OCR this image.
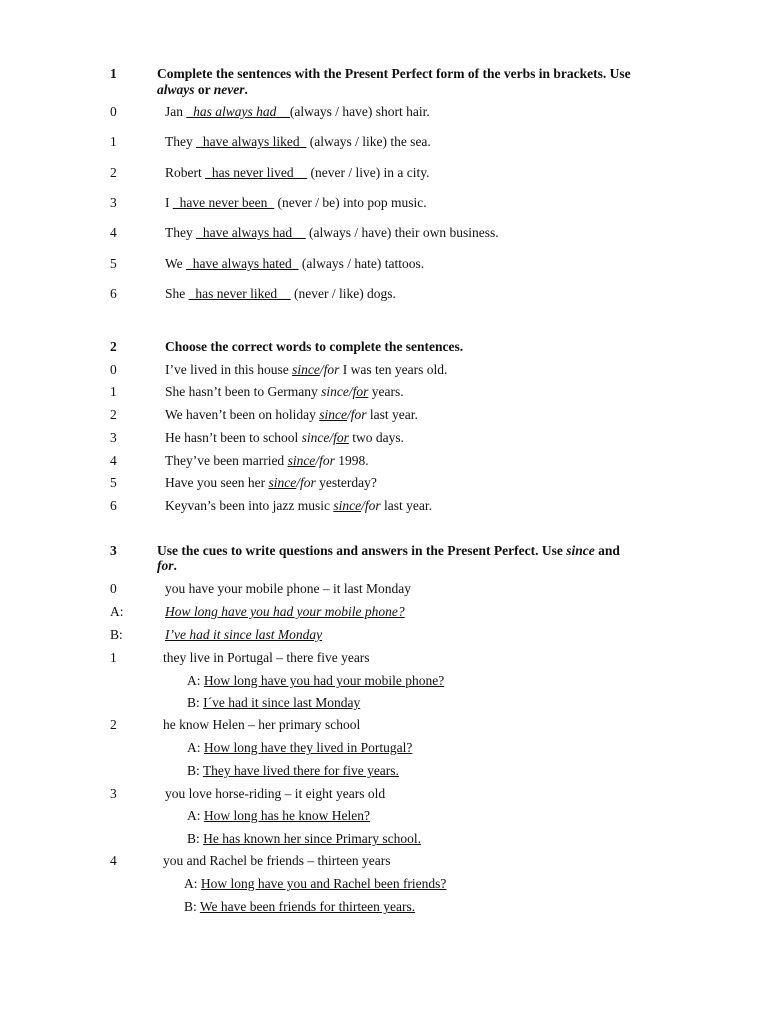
1	Complete the sentences with the Present Perfect form of the verbs in brackets. Use
always or never.
0	Jan _has always had__(always / have) short hair.
1	They _have always liked_ (always / like) the sea.
2	Robert _has never lived__ (never / live) in a city.
3	I _have never been_ (never / be) into pop music.
4	They _have always had__ (always / have) their own business.
5	We _have always hated_ (always / hate) tattoos.
6	She _has never liked__ (never / like) dogs.
2	Choose the correct words to complete the sentences.
0	I’ve lived in this house since/for I was ten years old.
1	She hasn’t been to Germany since/for years.
2	We haven’t been on holiday since/for last year.
3	He hasn’t been to school since/for two days.
4	They’ve been married since/for 1998.
5	Have you seen her since/for yesterday?
6	Keyvan’s been into jazz music since/for last year.
3	Use the cues to write questions and answers in the Present Perfect. Use since and
for.
0	you have your mobile phone – it last Monday
A:	How long have you had your mobile phone?
B:	I’ve had it since last Monday
1	they live in Portugal – there five years
A: How long have you had your mobile phone?
B: I´ve had it since last Monday
2	he know Helen – her primary school
A: How long have they lived in Portugal?
B: They have lived there for five years.
3	you love horse-riding – it eight years old
A: How long has he know Helen?
B: He has known her since Primary school.
4	you and Rachel be friends – thirteen years
A: How long have you and Rachel been friends?
B: We have been friends for thirteen years.
